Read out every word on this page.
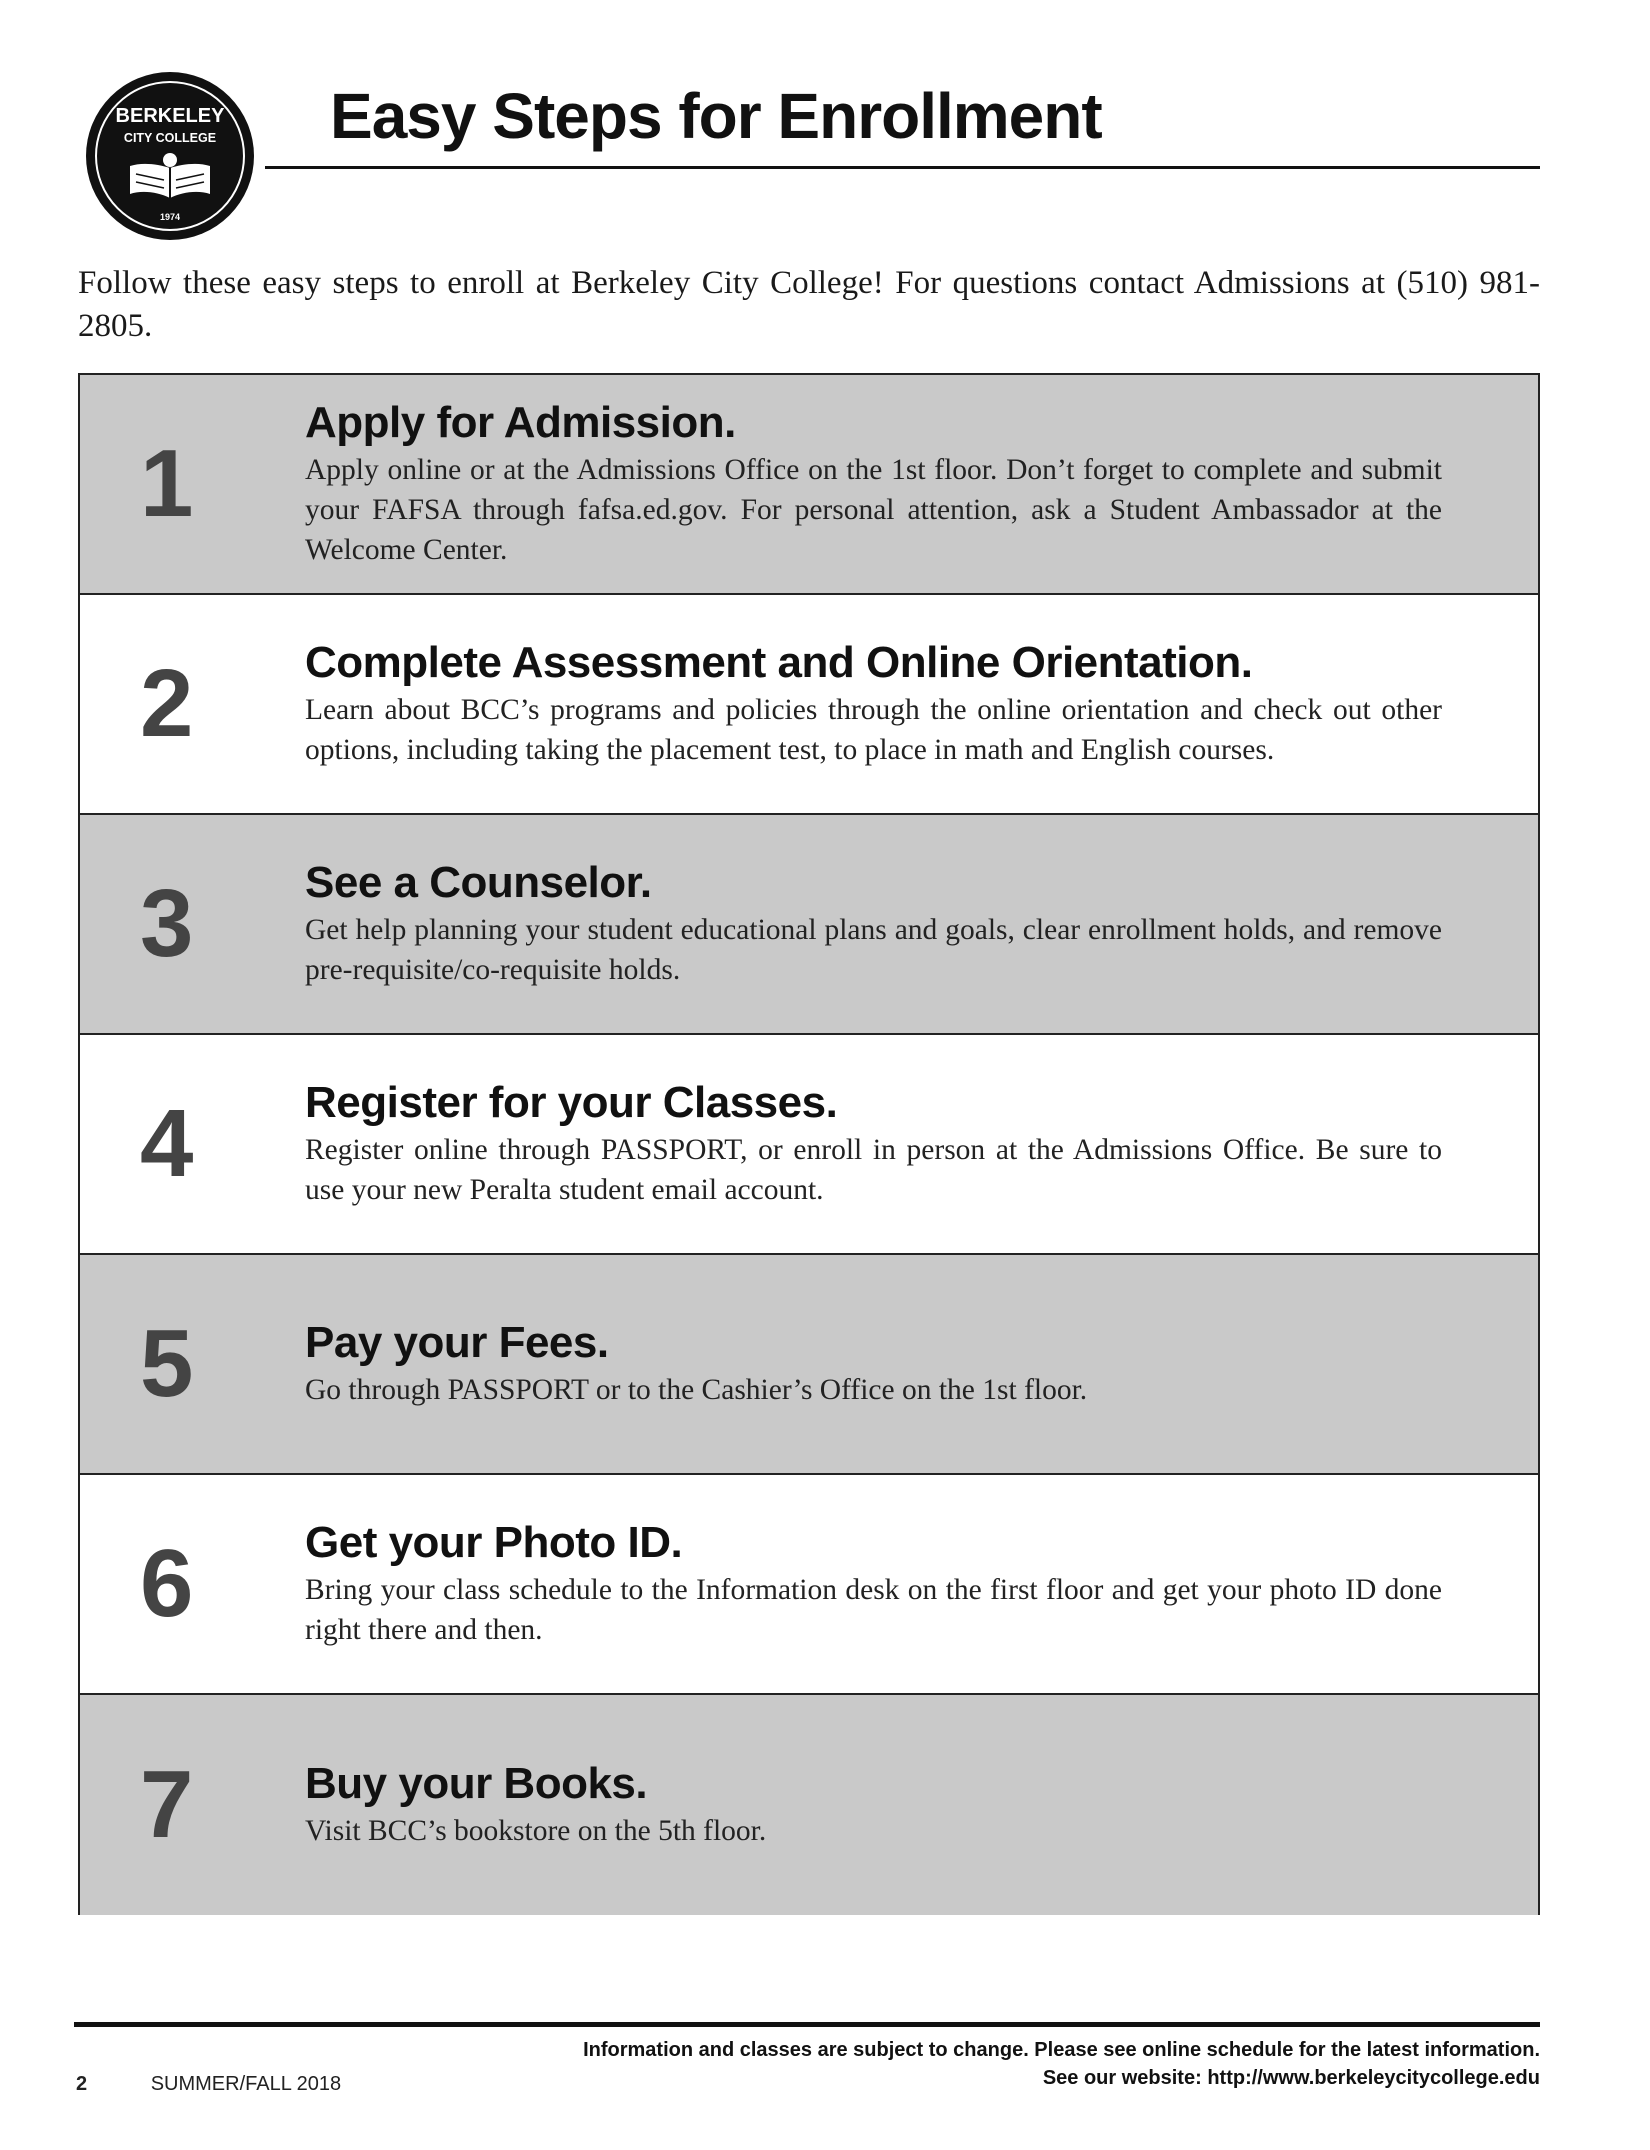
BERKELEY
CITY COLLEGE
1974
Easy Steps for Enrollment

Follow these easy steps to enroll at Berkeley City College! For questions contact Admissions at (510) 981-2805.

1
Apply for Admission.

Apply online or at the Admissions Office on the 1st floor. Don’t forget to complete and submit your FAFSA through fafsa.ed.gov. For personal attention, ask a Student Ambassador at the Welcome Center.

2	Complete Assessment and Online Orientation.

Learn about BCC’s programs and policies through the online orientation and check out other options, including taking the placement test, to place in math and English courses.

3	See a Counselor.

Get help planning your student educational plans and goals, clear enrollment holds, and remove pre-requisite/co-requisite holds.

4	Register for your Classes.

Register online through PASSPORT, or enroll in person at the Admissions Office. Be sure to use your new Peralta student email account.

5	Pay your Fees.

Go through PASSPORT or to the Cashier’s Office on the 1st floor.

6	Get your Photo ID.

Bring your class schedule to the Information desk on the first floor and get your photo ID done right there and then.

7	Buy your Books.

Visit BCC’s bookstore on the 5th floor.

2	SUMMER/FALL 2018
Information and classes are subject to change. Please see online schedule for the latest information.
See our website: http://www.berkeleycitycollege.edu
